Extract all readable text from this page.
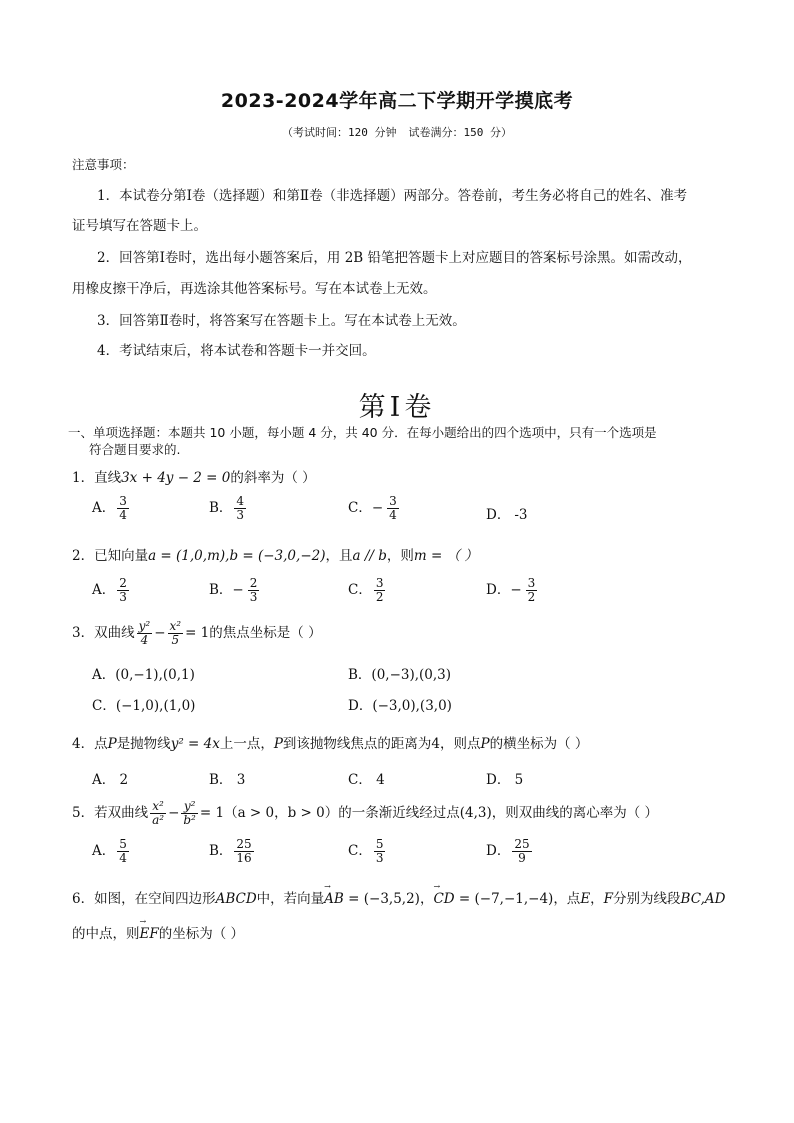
2023-2024学年高二下学期开学摸底考
（考试时间：120 分钟 试卷满分：150 分）
注意事项：
1．本试卷分第Ⅰ卷（选择题）和第Ⅱ卷（非选择题）两部分。答卷前，考生务必将自己的姓名、准考
证号填写在答题卡上。
2．回答第Ⅰ卷时，选出每小题答案后，用 2B 铅笔把答题卡上对应题目的答案标号涂黑。如需改动，
用橡皮擦干净后，再选涂其他答案标号。写在本试卷上无效。
3．回答第Ⅱ卷时，将答案写在答题卡上。写在本试卷上无效。
4．考试结束后，将本试卷和答题卡一并交回。
第Ⅰ卷
一、单项选择题：本题共 10 小题，每小题 4 分，共 40 分．在每小题给出的四个选项中，只有一个选项是
符合题目要求的.
1．直线3x + 4y − 2 = 0的斜率为（ ）
A． $\frac{3}{4}$	B． $\frac{4}{3}$	C．− $\frac{3}{4}$	D． -3
2．已知向量a = (1,0,m),b = (−3,0,−2)，且a // b，则m = （ ）
A． $\frac{2}{3}$	B．− $\frac{2}{3}$	C． $\frac{3}{2}$	D．− $\frac{3}{2}$
3．双曲线 $\frac{\text{y²}}{4} - \frac{\text{x²}}{5} = 1$的焦点坐标是（ ）
A．(0,−1),(0,1)	B．(0,−3),(0,3)
C．(−1,0),(1,0)	D．(−3,0),(3,0)
4．点P是抛物线y² = 4x上一点，P到该抛物线焦点的距离为4，则点P的横坐标为（ ）
A． 2	B． 3	C． 4	D． 5
5．若双曲线 $\frac{\text{x²}}{\text{a²}} - \frac{\text{y²}}{\text{b²}} = 1(a > 0$，b > 0）的一条渐近线经过点(4,3)，则双曲线的离心率为（ ）
A． $\frac{5}{4}$	B． $\frac{25}{16}$	C． $\frac{5}{3}$	D． $\frac{25}{9}$
6．如图，在空间四边形ABCD中，若向量→ AB = (−3,5,2)，→ CD = (−7,−1,−4)，点E，F分别为线段BC,AD
的中点，则→ EF的坐标为（ ）
